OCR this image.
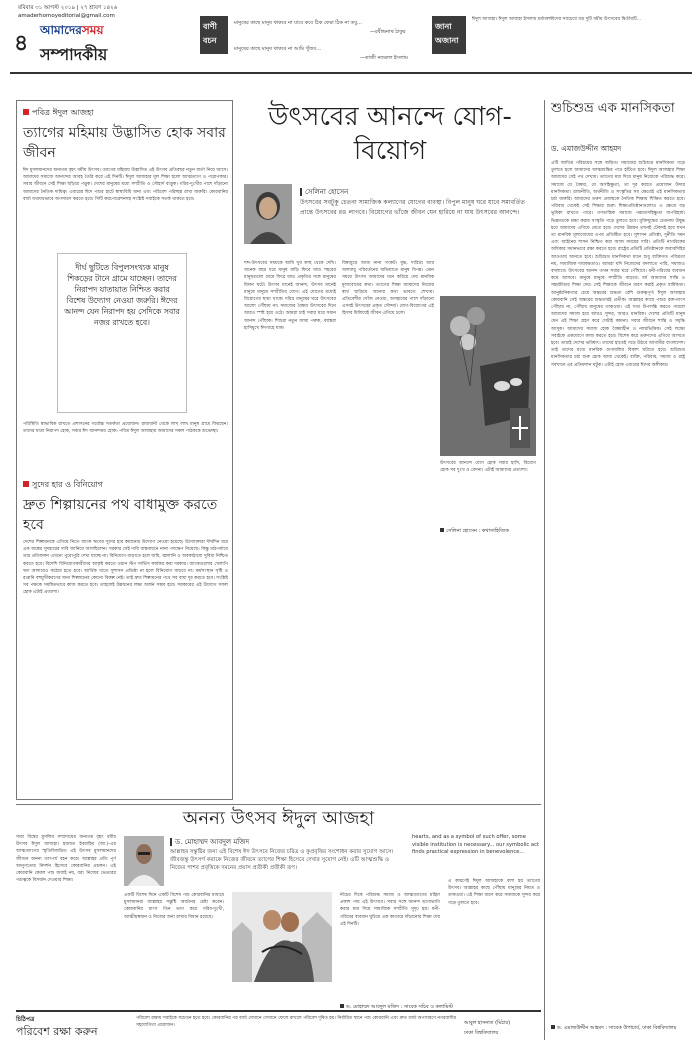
রবিবার ৩১ আগস্ট ২০১৯ | ২৭ শ্রাবণ ১৪২৬
amaderhomoyeditorial@gmail.com
৪
আমাদেরসময়
সম্পাদকীয়
বাণী বচন
মানুষের কাছে মানুষ থাকবে না যাবে কবে ঠিক ফেরা ঠিক না তবু...
—রবীন্দ্রনাথ ঠাকুর
মানুষের কাছে মানুষ থাকবে না আমি খুঁজব...
—কাজী নজরুল ইসলাম
জানা অজানা
ঈদুল আজহা। ঈদুল আজহা ইসলাম ধর্মাবলম্বীদের সবচেয়ে বড় দুটি ধর্মীয় উৎসবের দ্বিতীয়টি...
পবিত্র ঈদুল আজহা
ত্যাগের মহিমায় উদ্ভাসিত হোক সবার জীবন
ঈদ মুসলমানদের অন্যতম বৃহৎ ধর্মীয় উৎসব। ত্যাগের মহিমায় উদ্ভাসিত এই উৎসব প্রতিবছর নতুন বার্তা নিয়ে আসে। আমাদের সমাজে আনন্দের আবহ তৈরি করে এই দিনটি। ঈদুল আজহার মূল শিক্ষা হলো আত্মত্যাগ ও পরোপকার। সবার জীবনে সেই শিক্ষা ছড়িয়ে পড়ুক। দেশের মানুষের মধ্যে সম্প্রীতি ও সৌহার্দ বাড়ুক। গরিব-দুঃখীর পাশে দাঁড়ানো আমাদের নৈতিক দায়িত্ব। এবারের ঈদে পশুর হাটে স্বাস্থ্যবিধি মানা এবং পরিবেশ পরিচ্ছন্ন রাখা জরুরি। কোরবানির বর্জ্য যথাযথভাবে অপসারণ করতে হবে। সিটি করপোরেশনসহ সংশ্লিষ্ট সবাইকে সতর্ক থাকতে হবে।
দীর্ঘ ছুটিতে বিপুলসংখ্যক মানুষ শিকড়ের টানে গ্রামে যাচ্ছেন। তাদের নিরাপদ যাতায়াত নিশ্চিত করার বিশেষ উদ্যোগ নেওয়া জরুরি। ঈদের আনন্দ যেন নিরাপদ হয় সেদিকে সবার নজর রাখতে হবে।
পরিস্থিতি স্বাভাবিক রাখতে প্রশাসনের সর্বোচ্চ সতর্কতা প্রয়োজন। রাজধানী থেকে লাখ লাখ মানুষ গ্রামে ফিরছেন। তাদের যাত্রা নিরাপদ হোক, সবার ঈদ আনন্দময় হোক। পবিত্র ঈদুল আজহায় আমাদের সকল পাঠককে শুভেচ্ছা।
সুদের হার ও বিনিয়োগ
দ্রুত শিল্পায়নের পথ বাধামুক্ত করতে হবে
দেশের শিল্পায়নকে এগিয়ে নিতে ব্যাংক ঋণের সুদের হার কমানোর উদ্যোগ নেওয়া হয়েছে। উদ্যোক্তারা দীর্ঘদিন ধরে এক অঙ্কের সুদহারের দাবি জানিয়ে আসছিলেন। সরকার সেই দাবি বাস্তবায়নে নানা পদক্ষেপ নিয়েছে। কিন্তু মাঠপর্যায়ে তার প্রতিফলন এখনো পুরোপুরি দেখা যাচ্ছে না। বিনিয়োগ বাড়াতে হলে জমি, জ্বালানি ও অবকাঠামো সুবিধা নিশ্চিত করতে হবে। বিদেশি বিনিয়োগকারীদের আকৃষ্ট করতে ওয়ান স্টপ সার্ভিস কার্যকর করা দরকার। ব্যাংকগুলোর খেলাপি ঋণ আদায়েও কঠোর হতে হবে। আর্থিক খাতে সুশাসন প্রতিষ্ঠা না হলে বিনিয়োগ বাড়বে না। কর্মসংস্থান সৃষ্টি ও রপ্তানি বহুমুখীকরণের জন্য শিল্পায়নের কোনো বিকল্প নেই। তাই দ্রুত শিল্পায়নের পথে সব বাধা দূর করতে হবে। সংশ্লিষ্ট সব পক্ষকে সমন্বিতভাবে কাজ করতে হবে। তাহলেই উন্নয়নের লক্ষ্য অর্জন সম্ভব হবে। সরকারের এই উদ্যোগ সফল হোক এটাই প্রত্যাশা।
উৎসবের আনন্দে যোগ-বিয়োগ
সেলিনা হোসেন
উৎসবের সবটুকু চেতনা সামাজিক কল্যাণের যোগের ব্যবস্থা। বিপুল মানুষ ঘরে যাবে সমাবর্তিত প্রান্তে উৎসবের রঙ লাগবে। বিয়োগের ভাঁজে জীবন যেন হারিয়ে না যায় উৎসবের আনন্দে।
শব্দ-উৎসবের সময়কে আমি খুব কাছ থেকে দেখি। অনেক বছর ধরে মানুষ বাড়ি ফিরে যায়। শহরের মানুষগুলো গ্রামে ফিরে যায়। প্রকৃতির সঙ্গে মানুষের মিলন ঘটে। উৎসব মানেই আনন্দ, উৎসব মানেই মানুষে মানুষে সম্প্রীতির যোগ। এই যোগের মধ্যেই বিয়োগের ছায়া থাকে। দরিদ্র মানুষের ঘরে উৎসবের আলো পৌঁছায় না। সমাজের বৈষম্য উৎসবের দিনে আরও স্পষ্ট হয়ে ওঠে। আমরা চাই সবার ঘরে সমান আনন্দ পৌঁছাক। শিশুরা নতুন জামা পরুক, বয়স্করা হাসিমুখে ঈদগাহে যাক।
বিশ্বজুড়ে আজ নানা সংকট। যুদ্ধ, দারিদ্র্য আর জলবায়ু পরিবর্তনের অভিঘাতে মানুষ বিপন্ন। এমন সময়ে উৎসব আমাদের মনে করিয়ে দেয় মানবিক মূল্যবোধের কথা। ত্যাগের শিক্ষা আমাদের নিজের স্বার্থ ছাড়িয়ে অন্যের কথা ভাবতে শেখায়। প্রতিবেশীর খোঁজ নেওয়া, অসহায়ের পাশে দাঁড়ানো এসবই উৎসবের প্রকৃত সৌন্দর্য। যোগ-বিয়োগের এই হিসাব মিলিয়েই জীবন এগিয়ে চলে।
উৎসবের আনন্দে যোগ হোক সবার হাসি, বিয়োগ হোক সব দুঃখ ও বেদনা। এটাই আমাদের প্রত্যাশা।
সেলিনা হোসেন : কথাসাহিত্যিক
শুচিশুভ্র এক মানসিকতা
ড. এমাজউদ্দীন আহমদ
এটি জাতির পরিচয়ের সঙ্গে জড়িত। সমাজের শুচিশুভ্র মানসিকতা গড়ে তুলতে হলে আমাদের আত্মশুদ্ধির পথে হাঁটতে হবে। ঈদুল আজহার শিক্ষা আমাদের সেই পথ দেখায়। ত্যাগের মধ্য দিয়ে মানুষ নিজেকে পরিশুদ্ধ করে। সমাজে যে বৈষম্য, যে অসহিষ্ণুতা, তা দূর করতে প্রয়োজন উদার মানসিকতা। রাজনীতি, অর্থনীতি ও সংস্কৃতির সব ক্ষেত্রেই এই মানসিকতার চর্চা জরুরি। আমাদের তরুণ প্রজন্মকে নৈতিক শিক্ষায় শিক্ষিত করতে হবে। পরিবার থেকেই সেই শিক্ষার শুরু। শিক্ষাপ্রতিষ্ঠানগুলোও এ ক্ষেত্রে বড় ভূমিকা রাখতে পারে। গণতান্ত্রিক সমাজে পরমতসহিষ্ণুতা অপরিহার্য। ভিন্নমতকে শ্রদ্ধা করার সংস্কৃতি গড়ে তুলতে হবে। মুক্তিযুদ্ধের চেতনায় উদ্বুদ্ধ হয়ে আমাদের এগিয়ে যেতে হবে। দেশের উন্নয়ন তখনই টেকসই হবে যখন তা মানবিক মূল্যবোধের ওপর প্রতিষ্ঠিত হবে। সুশাসন প্রতিষ্ঠা, দুর্নীতি দমন এবং আইনের শাসন নিশ্চিত করা আজ সময়ের দাবি। প্রতিটি নাগরিকের অধিকার সমানভাবে রক্ষা করতে হবে। রাষ্ট্রের প্রতিটি প্রতিষ্ঠানকে জবাবদিহির আওতায় আনতে হবে। শুচিশুভ্র মানসিকতা মানে শুধু ব্যক্তিগত পবিত্রতা নয়, সামাজিক দায়বদ্ধতাও। আমরা যদি নিজেদের বদলাতে পারি, সমাজও বদলাবে। উৎসবের আনন্দ তখন সবার ঘরে পৌঁছাবে। ধনী-গরিবের ব্যবধান কমে আসবে। মানুষে মানুষে সম্প্রীতি বাড়বে। ধর্ম আমাদের শান্তি ও সহমর্মিতার শিক্ষা দেয়। সেই শিক্ষাকে জীবনে ধারণ করাই প্রকৃত ধার্মিকতা। আনুষ্ঠানিকতার চেয়ে অন্তরের শুদ্ধতা বেশি গুরুত্বপূর্ণ। ঈদুল আজহার কোরবানি সেই অন্তরের শুদ্ধতারই প্রতীক। আল্লাহর কাছে পশুর রক্ত-মাংস পৌঁছায় না, পৌঁছায় মানুষের তাকওয়া। এই সত্য উপলব্ধি করতে পারলে আমাদের সমাজ হবে আরও সুন্দর, আরও মানবিক। দেশের প্রতিটি মানুষ যেন এই শিক্ষা গ্রহণ করে সেটাই কামনা। সবার জীবনে শান্তি ও সমৃদ্ধি আসুক। আমাদের সমাজ হোক বৈষম্যহীন ও ন্যায়ভিত্তিক। সেই লক্ষ্যে সবাইকে একযোগে কাজ করতে হবে। বিশেষ করে তরুণদের এগিয়ে আসতে হবে। তারাই দেশের ভবিষ্যৎ। তাদের হাতেই গড়ে উঠবে আগামীর বাংলাদেশ। তাই তাদের মধ্যে মানবিক গুণাবলির বিকাশ ঘটাতে হবে। শুচিশুভ্র মানসিকতার চর্চা শুরু হোক আজ থেকেই। ব্যক্তি, পরিবার, সমাজ ও রাষ্ট্র সবখানে এর প্রতিফলন ঘটুক। এটাই হোক এবারের ঈদের অঙ্গীকার।
ড. এমাজউদ্দীন আহমদ : সাবেক উপাচার্য, ঢাকা বিশ্ববিদ্যালয়
অনন্য উৎসব ঈদুল আজহা
সারা বিশ্বের মুসলিম সম্প্রদায়ের অন্যতম বৃহৎ ধর্মীয় উৎসব ঈদুল আজহা। হজরত ইবরাহিম (আ.)-এর আত্মত্যাগের স্মৃতিবিজড়িত এই উৎসব মুসলমানদের জীবনে অনন্য তাৎপর্য বহন করে। আল্লাহর প্রতি পূর্ণ আনুগত্যের নিদর্শন হিসেবে কোরবানির প্রচলন। এই কোরবানি কেবল পশু জবাই নয়, বরং নিজের ভেতরের পশুত্বকে বিসর্জন দেওয়ার শিক্ষা।
ড. মোহাম্মদ আবদুল মজিদ
আল্লাহর সন্তুষ্টির জন্য এই বিশেষ ঈদ উৎসবে নিজের চরিত্র ও কুপ্রবৃত্তির সংশোধন করার সুযোগ আসে। জীবজন্তু উৎসর্গ করাকে নিজের জীবনে ত্যাগের শিক্ষা হিসেবে দেখার সুযোগ নেই। এটি আত্মশুদ্ধি ও নিজের পাশব প্রবৃত্তিকে দমনের প্রয়াস প্রতীকী প্রতীকী রূপ।
একটি বিশেষ দিনে একটি বিশেষ পশু কোরবানির মাধ্যমে মুসলমানরা আল্লাহর সন্তুষ্টি অর্জনের চেষ্টা করেন। কোরবানির মাংস তিন ভাগ করে গরিব-দুঃখী, আত্মীয়স্বজন ও নিজের জন্য রাখার বিধান রয়েছে।
নীচের দিকে পরিশুদ্ধ সমাজ ও আত্মত্যাগের মহিমা প্রকাশ পায় এই উৎসবে। সবার সঙ্গে আনন্দ ভাগাভাগি করার মধ্য দিয়ে সামাজিক সম্প্রীতি সুদৃঢ় হয়। ধনী-গরিবের ব্যবধান ঘুচিয়ে এক কাতারে দাঁড়ানোর শিক্ষা দেয় এই দিনটি।
hearts, and as a symbol of such offer, some visible institution is necessary... our symbolic act finds practical expression in benevolence...
এ কারণেই ঈদুল আজহাকে বলা হয় ত্যাগের উৎসব। আল্লাহর কাছে পৌঁছায় মানুষের নিয়ত ও তাকওয়া। এই শিক্ষা ধারণ করে সমাজকে সুন্দর করে গড়ে তুলতে হবে।
ড. মোহাম্মদ আবদুল মজিদ : সাবেক সচিব ও কলামিস্ট
চিঠিপত্র
পরিবেশ রক্ষা করুন
পরিবেশ রক্ষায় সবাইকে সচেতন হতে হবে। কোরবানির পর বর্জ্য যেখানে সেখানে ফেলে রাখলে পরিবেশ দূষিত হয়। নির্ধারিত স্থানে পশু কোরবানি এবং দ্রুত বর্জ্য অপসারণে নগরবাসীর সহযোগিতা প্রয়োজন।	আবুল হাসনাত (মিঠার)
ঢাকা বিশ্ববিদ্যালয়
